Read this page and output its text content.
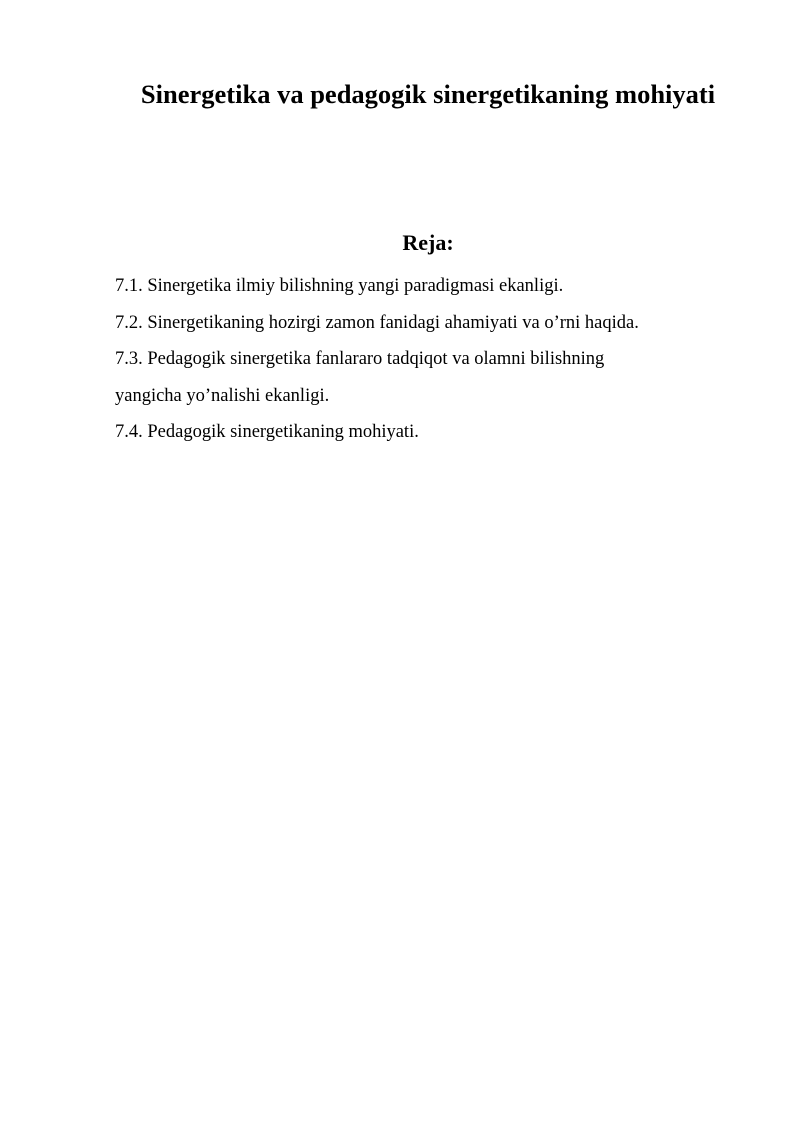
Sinergetika va pedagogik sinergetikaning mohiyati
Reja:
7.1. Sinergetika ilmiy bilishning yangi paradigmasi ekanligi.
7.2. Sinergetikaning hozirgi zamon fanidagi ahamiyati va o’rni haqida.
7.3. Pedagogik sinergetika fanlararo tadqiqot va olamni bilishning
yangicha yo’nalishi ekanligi.
7.4. Pedagogik sinergetikaning mohiyati.
